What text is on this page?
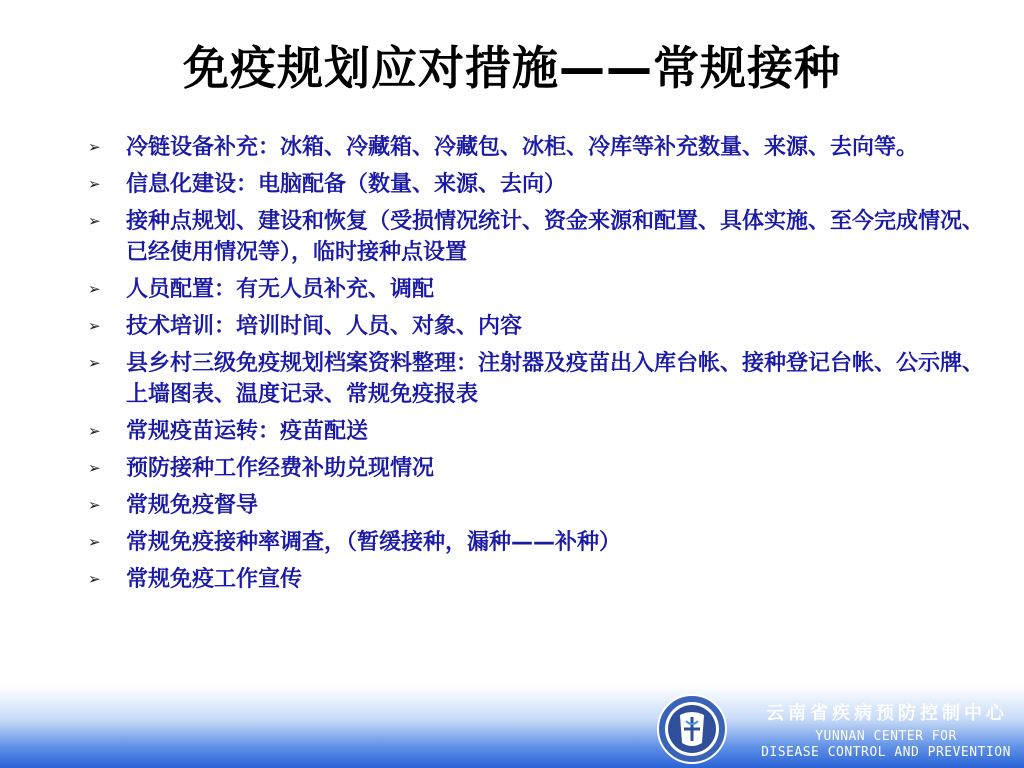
免疫规划应对措施——常规接种
➢ 冷链设备补充：冰箱、冷藏箱、冷藏包、冰柜、冷库等补充数量、来源、去向等。
➢ 信息化建设：电脑配备（数量、来源、去向）
➢ 接种点规划、建设和恢复（受损情况统计、资金来源和配置、具体实施、至今完成情况、已经使用情况等），临时接种点设置
➢ 人员配置：有无人员补充、调配
➢ 技术培训：培训时间、人员、对象、内容
➢ 县乡村三级免疫规划档案资料整理：注射器及疫苗出入库台帐、接种登记台帐、公示牌、上墙图表、温度记录、常规免疫报表
➢ 常规疫苗运转：疫苗配送
➢ 预防接种工作经费补助兑现情况
➢ 常规免疫督导
➢ 常规免疫接种率调查，（暂缓接种，漏种——补种）
➢ 常规免疫工作宣传
云南省疾病预防控制中心
YUNNAN CENTER FOR
DISEASE CONTROL AND PREVENTION
